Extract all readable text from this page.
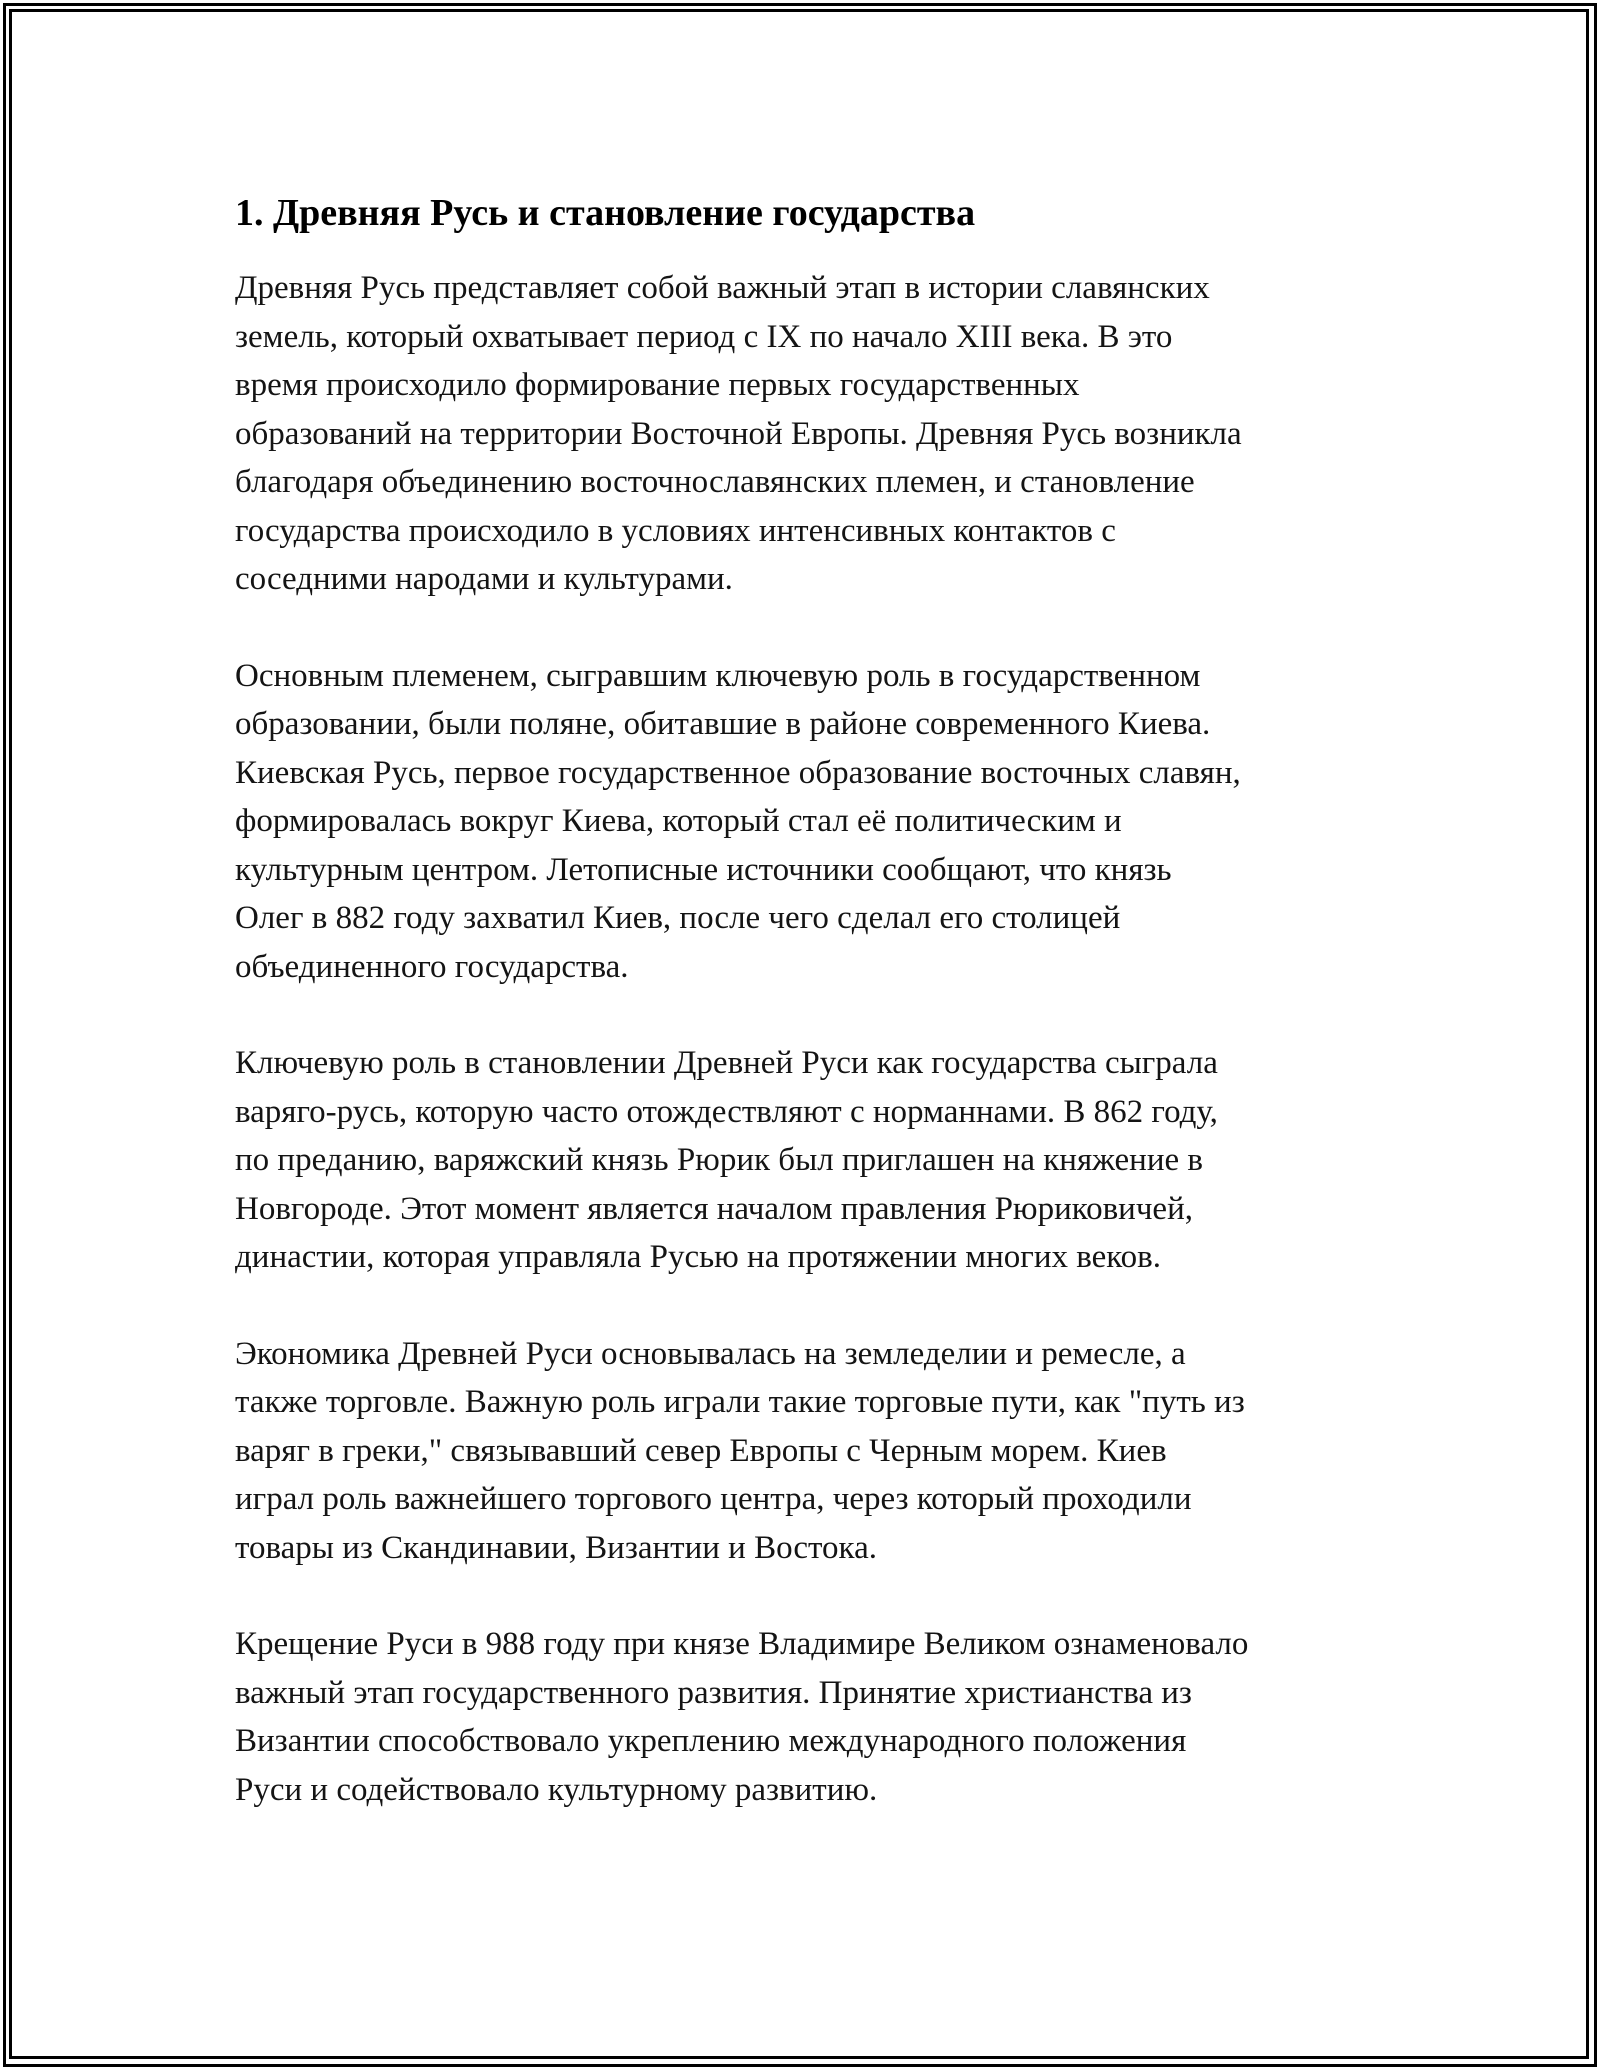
1. Древняя Русь и становление государства

Древняя Русь представляет собой важный этап в истории славянских
земель, который охватывает период с IX по начало XIII века. В это
время происходило формирование первых государственных
образований на территории Восточной Европы. Древняя Русь возникла
благодаря объединению восточнославянских племен, и становление
государства происходило в условиях интенсивных контактов с
соседними народами и культурами.

Основным племенем, сыгравшим ключевую роль в государственном
образовании, были поляне, обитавшие в районе современного Киева.
Киевская Русь, первое государственное образование восточных славян,
формировалась вокруг Киева, который стал её политическим и
культурным центром. Летописные источники сообщают, что князь
Олег в 882 году захватил Киев, после чего сделал его столицей
объединенного государства.

Ключевую роль в становлении Древней Руси как государства сыграла
варяго-русь, которую часто отождествляют с норманнами. В 862 году,
по преданию, варяжский князь Рюрик был приглашен на княжение в
Новгороде. Этот момент является началом правления Рюриковичей,
династии, которая управляла Русью на протяжении многих веков.

Экономика Древней Руси основывалась на земледелии и ремесле, а
также торговле. Важную роль играли такие торговые пути, как "путь из
варяг в греки," связывавший север Европы с Черным морем. Киев
играл роль важнейшего торгового центра, через который проходили
товары из Скандинавии, Византии и Востока.

Крещение Руси в 988 году при князе Владимире Великом ознаменовало
важный этап государственного развития. Принятие христианства из
Византии способствовало укреплению международного положения
Руси и содействовало культурному развитию.
